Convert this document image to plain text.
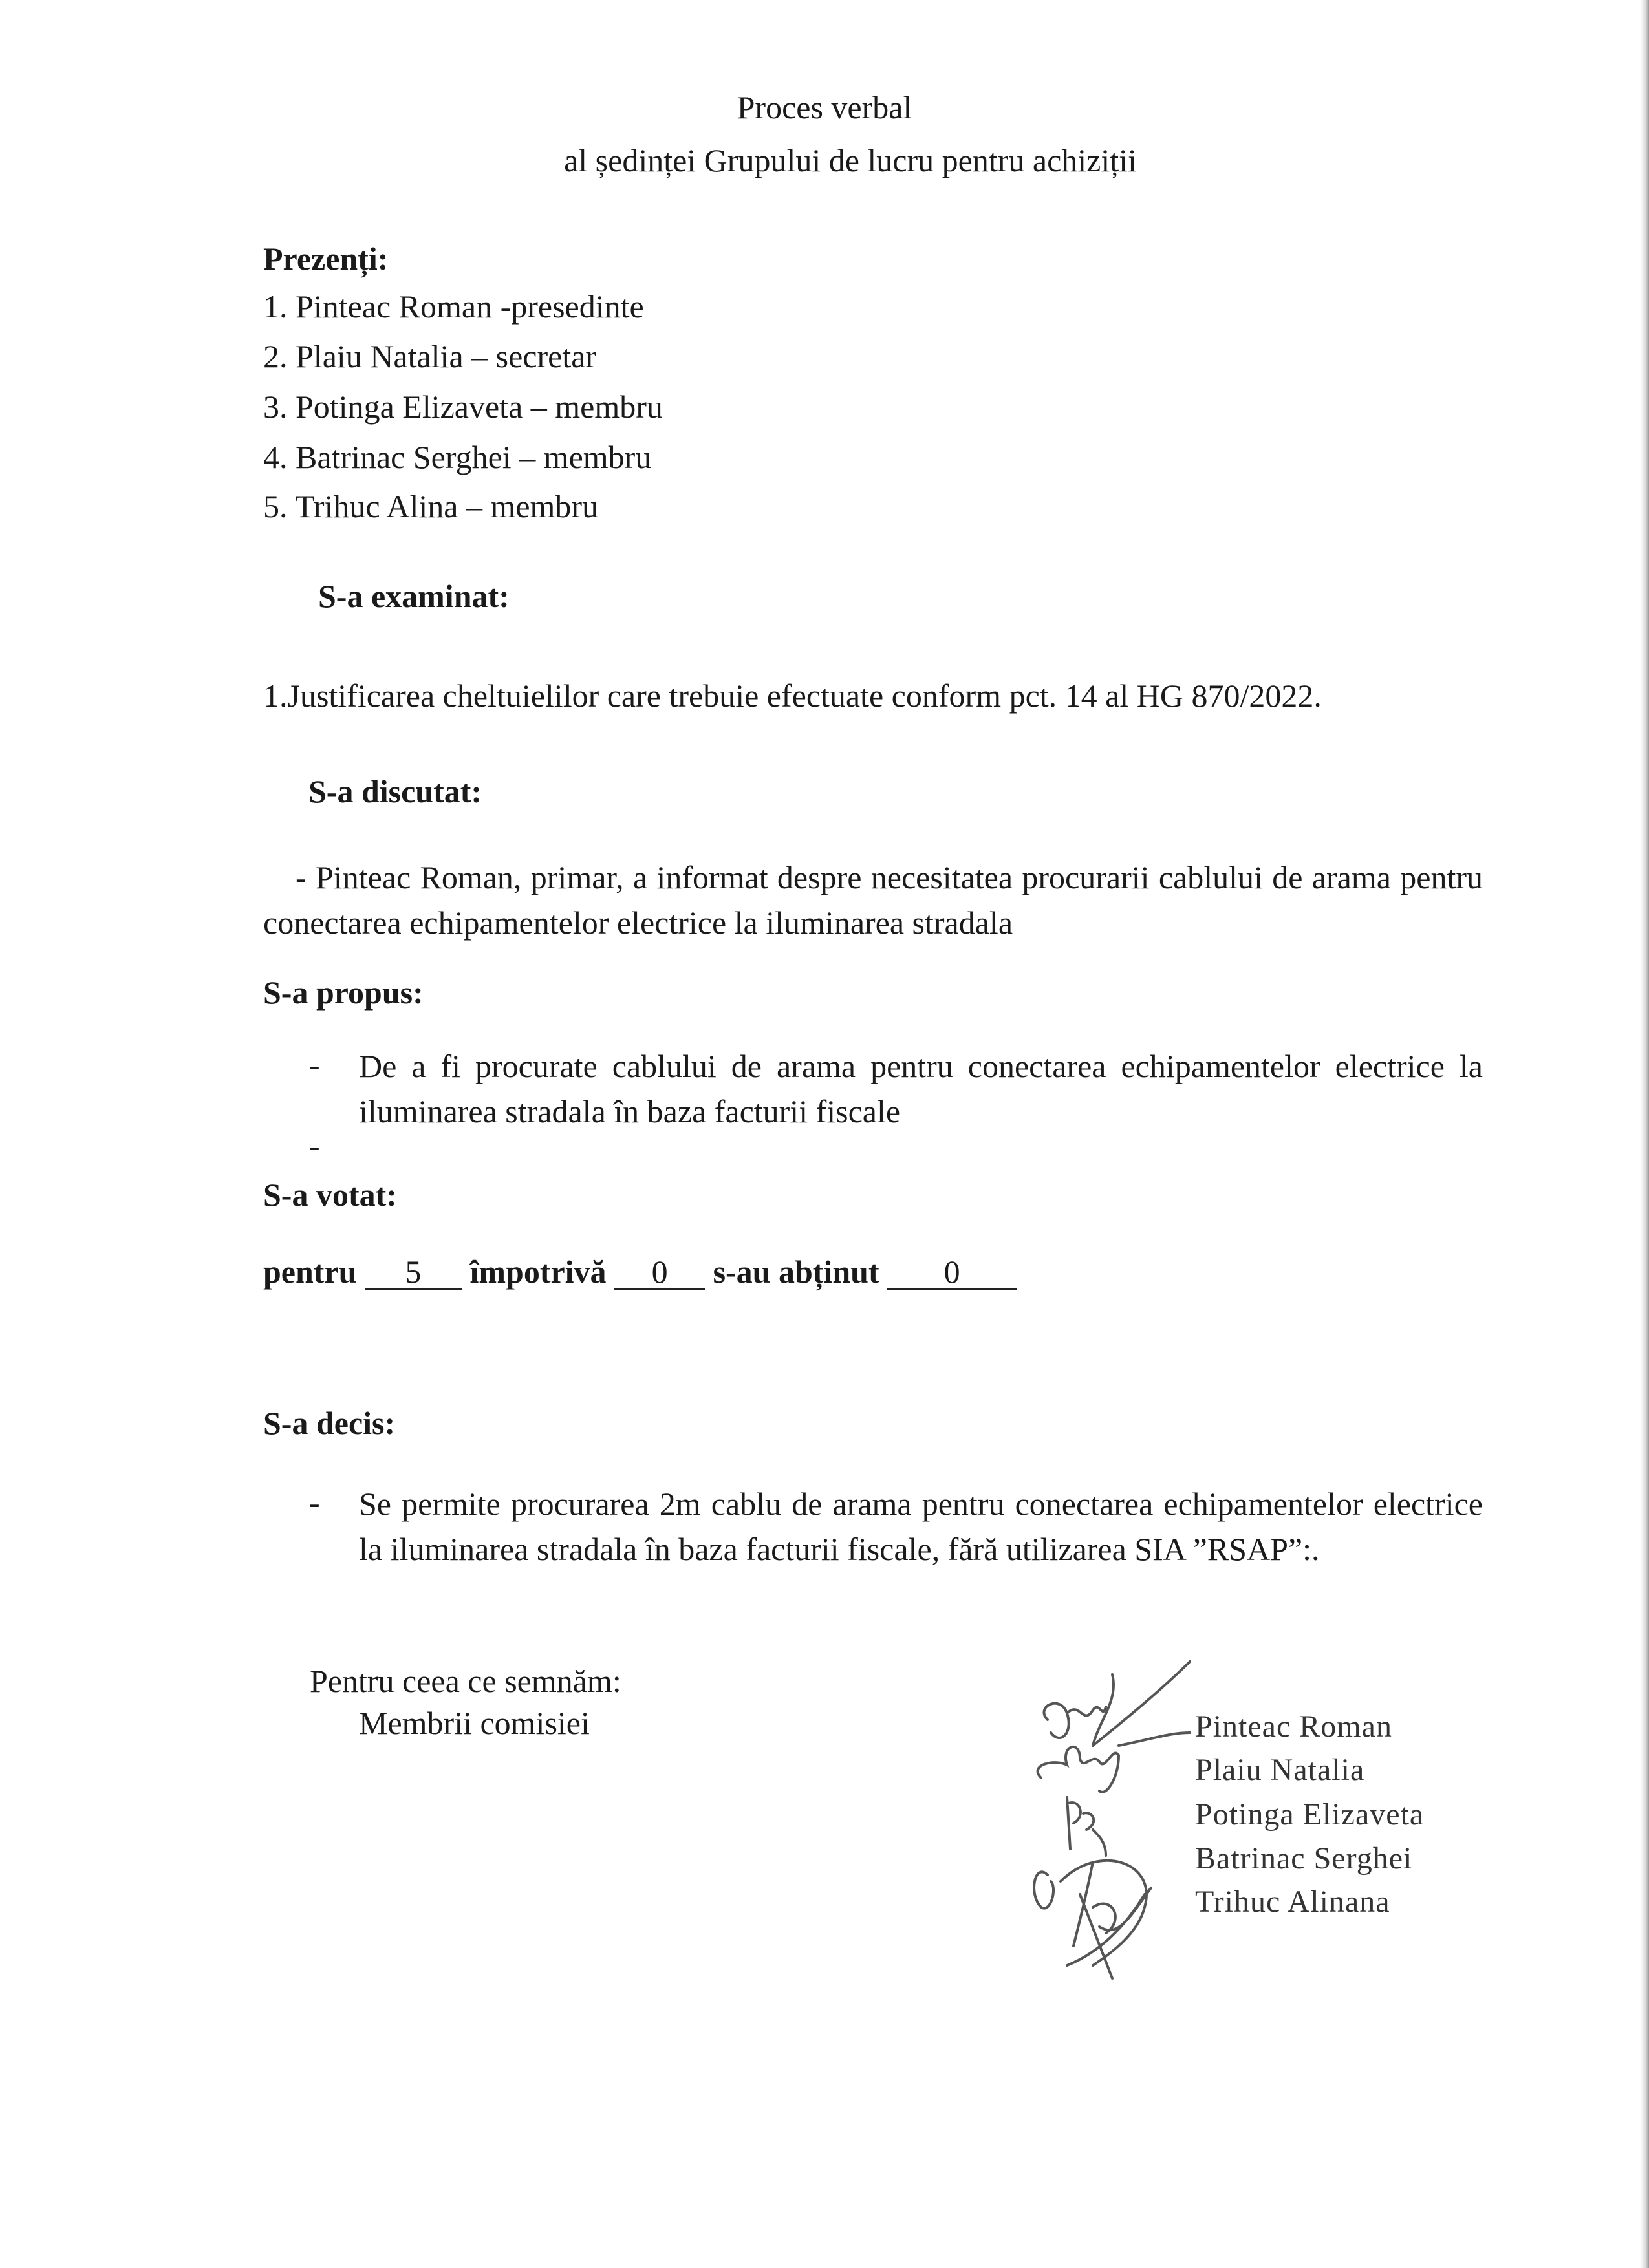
Proces verbal
al ședinței Grupului de lucru pentru achiziții
Prezenți:
1. Pinteac Roman -presedinte
2. Plaiu Natalia – secretar
3. Potinga Elizaveta – membru
4. Batrinac Serghei – membru
5. Trihuc Alina – membru
S-a examinat:
1.Justificarea cheltuielilor care trebuie efectuate conform pct. 14 al HG 870/2022.
S-a discutat:
- Pinteac Roman, primar, a informat despre necesitatea procurarii cablului de arama pentru conectarea echipamentelor electrice la iluminarea stradala
S-a propus:
- De a fi procurate cablului de arama pentru conectarea echipamentelor electrice la iluminarea stradala în baza facturii fiscale
-
S-a votat:
pentru 5 împotrivă 0 s-au abținut 0
S-a decis:
- Se permite procurarea 2m cablu de arama pentru conectarea echipamentelor electrice la iluminarea stradala în baza facturii fiscale, fără utilizarea SIA ”RSAP”:.
Pentru ceea ce semnăm:
Membrii comisiei	Pinteac Roman
Plaiu Natalia
Potinga Elizaveta
Batrinac Serghei
Trihuc Alinana
